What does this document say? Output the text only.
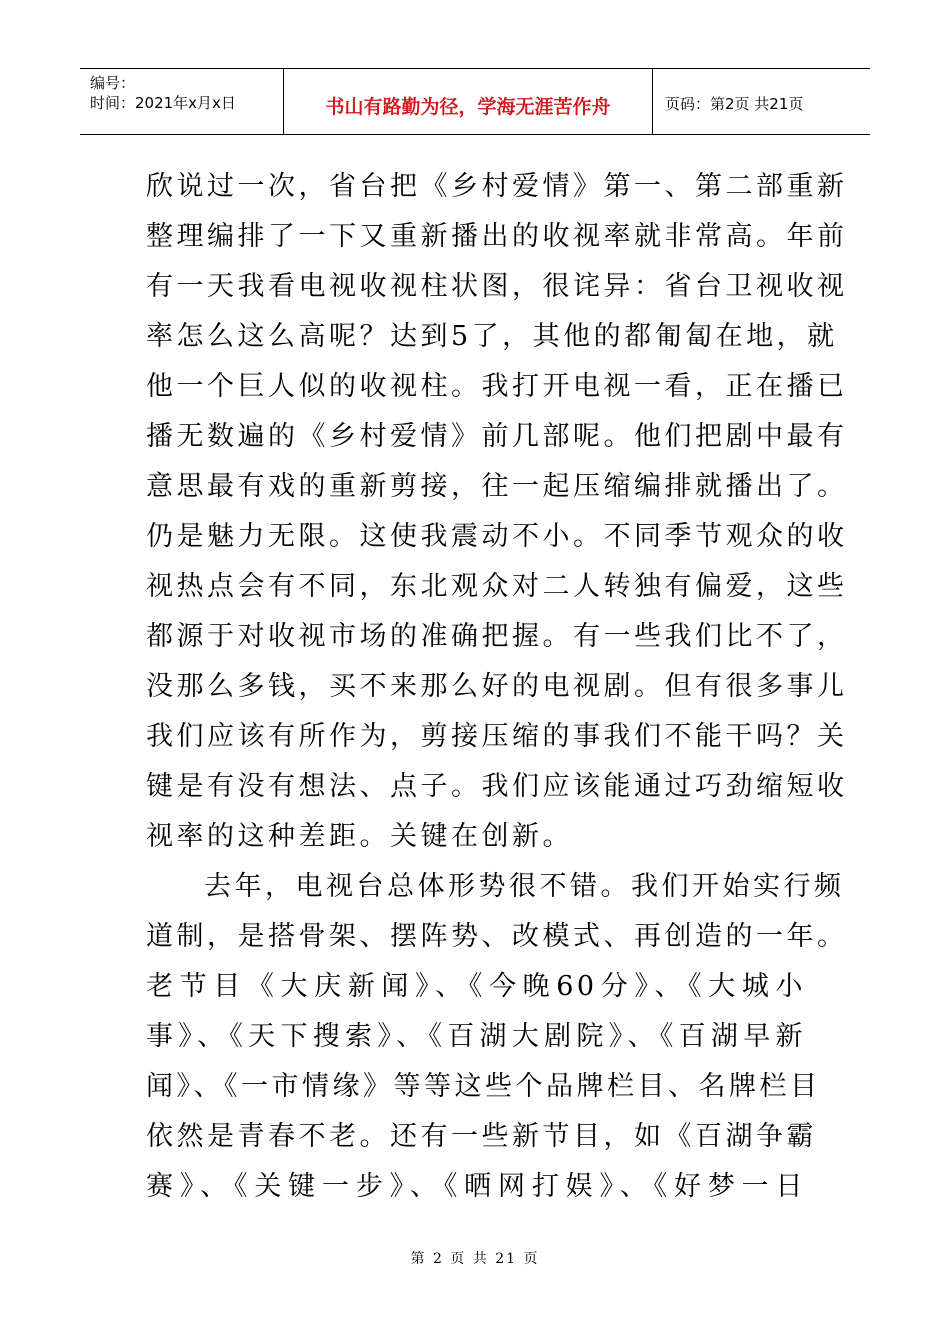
编号：
时间：2021年x月x日	书山有路勤为径，学海无涯苦作舟	页码：第2页 共21页
欣说过一次，省台把《乡村爱情》第一、第二部重新
整理编排了一下又重新播出的收视率就非常高。年前
有一天我看电视收视柱状图，很诧异：省台卫视收视
率怎么这么高呢？达到5了，其他的都匍匐在地，就
他一个巨人似的收视柱。我打开电视一看，正在播已
播无数遍的《乡村爱情》前几部呢。他们把剧中最有
意思最有戏的重新剪接，往一起压缩编排就播出了。
仍是魅力无限。这使我震动不小。不同季节观众的收
视热点会有不同，东北观众对二人转独有偏爱，这些
都源于对收视市场的准确把握。有一些我们比不了，
没那么多钱，买不来那么好的电视剧。但有很多事儿
我们应该有所作为，剪接压缩的事我们不能干吗？关
键是有没有想法、点子。我们应该能通过巧劲缩短收
视率的这种差距。关键在创新。
去年，电视台总体形势很不错。我们开始实行频
道制，是搭骨架、摆阵势、改模式、再创造的一年。
老节目《大庆新闻》、《今晚60分》、《大城小
事》、《天下搜索》、《百湖大剧院》、《百湖早新
闻》、《一市情缘》等等这些个品牌栏目、名牌栏目
依然是青春不老。还有一些新节目，如《百湖争霸
赛》、《关键一步》、《晒网打娱》、《好梦一日
第 2 页 共 21 页
